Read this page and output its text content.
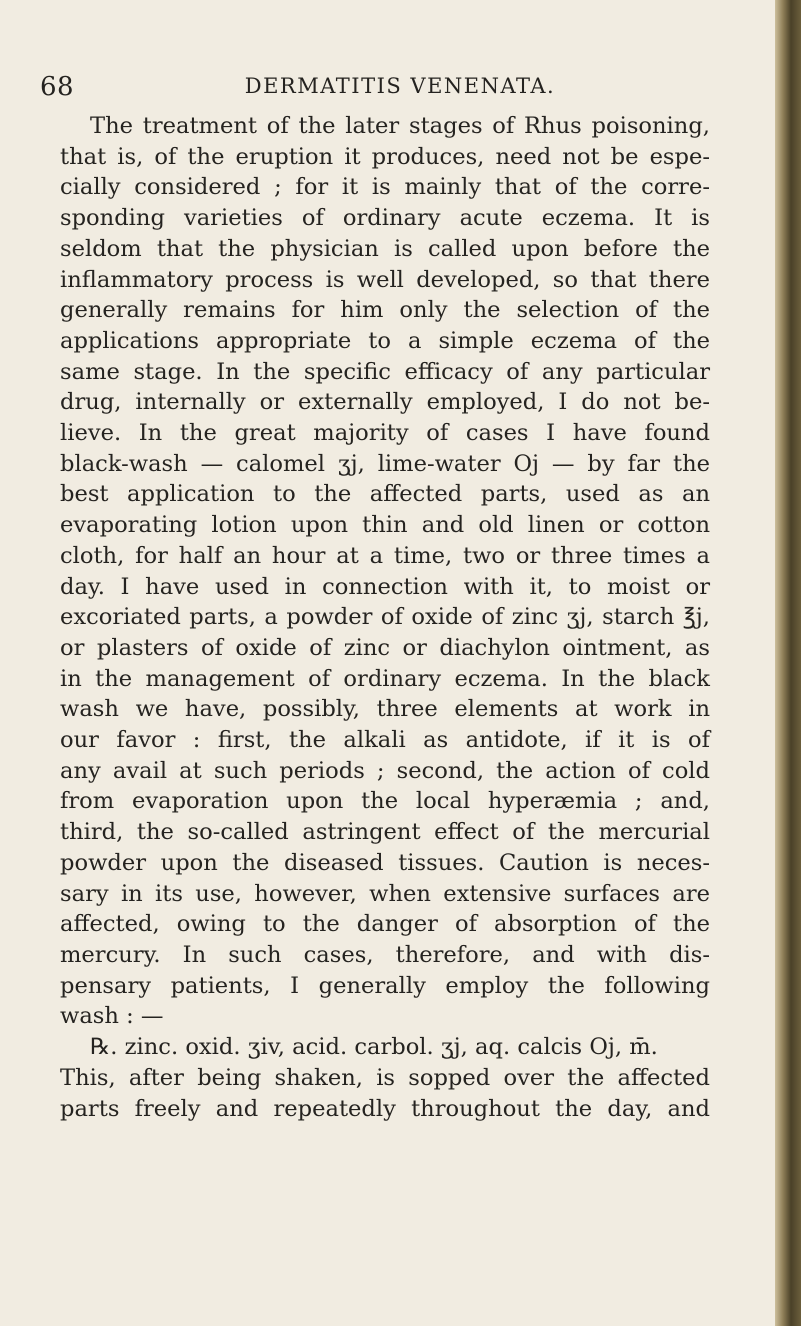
68	DERMATITIS VENENATA.
The treatment of the later stages of Rhus poisoning,
that is, of the eruption it produces, need not be espe-
cially considered ; for it is mainly that of the corre-
sponding varieties of ordinary acute eczema. It is
seldom that the physician is called upon before the
inflammatory process is well developed, so that there
generally remains for him only the selection of the
applications appropriate to a simple eczema of the
same stage. In the specific efficacy of any particular
drug, internally or externally employed, I do not be-
lieve. In the great majority of cases I have found
black-wash — calomel ʒj, lime-water Oj — by far the
best application to the affected parts, used as an
evaporating lotion upon thin and old linen or cotton
cloth, for half an hour at a time, two or three times a
day. I have used in connection with it, to moist or
excoriated parts, a powder of oxide of zinc ʒj, starch ℥j,
or plasters of oxide of zinc or diachylon ointment, as
in the management of ordinary eczema. In the black
wash we have, possibly, three elements at work in
our favor : first, the alkali as antidote, if it is of
any avail at such periods ; second, the action of cold
from evaporation upon the local hyperæmia ; and,
third, the so-called astringent effect of the mercurial
powder upon the diseased tissues. Caution is neces-
sary in its use, however, when extensive surfaces are
affected, owing to the danger of absorption of the
mercury. In such cases, therefore, and with dis-
pensary patients, I generally employ the following
wash : —
℞. zinc. oxid. ʒiv, acid. carbol. ʒj, aq. calcis Oj, m̄.
This, after being shaken, is sopped over the affected
parts freely and repeatedly throughout the day, and
